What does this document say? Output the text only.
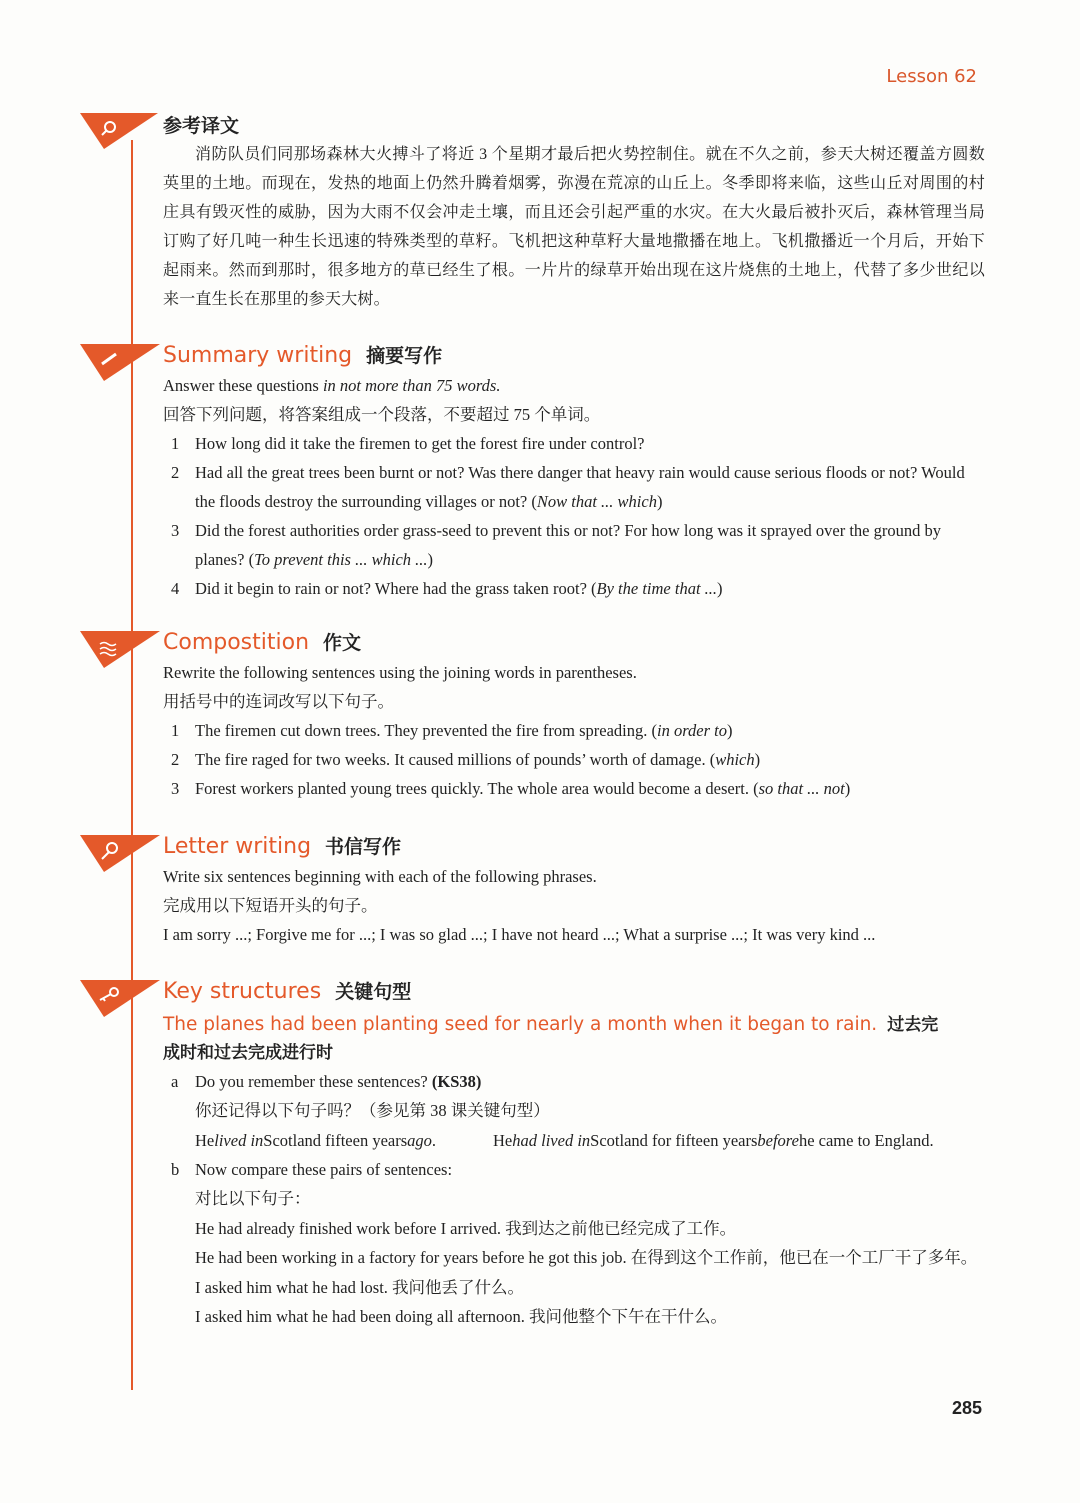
Lesson 62
参考译文

消防队员们同那场森林大火搏斗了将近 3 个星期才最后把火势控制住。就在不久之前，参天大树还覆盖方圆数英里的土地。而现在，发热的地面上仍然升腾着烟雾，弥漫在荒凉的山丘上。冬季即将来临，这些山丘对周围的村庄具有毁灭性的威胁，因为大雨不仅会冲走土壤，而且还会引起严重的水灾。在大火最后被扑灭后，森林管理当局订购了好几吨一种生长迅速的特殊类型的草籽。飞机把这种草籽大量地撒播在地上。飞机撒播近一个月后，开始下起雨来。然而到那时，很多地方的草已经生了根。一片片的绿草开始出现在这片烧焦的土地上，代替了多少世纪以来一直生长在那里的参天大树。

Summary writing 摘要写作

Answer these questions in not more than 75 words.

回答下列问题，将答案组成一个段落，不要超过 75 个单词。

1 How long did it take the firemen to get the forest fire under control?
2 Had all the great trees been burnt or not? Was there danger that heavy rain would cause serious floods or not? Would the floods destroy the surrounding villages or not? (Now that ... which)
3 Did the forest authorities order grass-seed to prevent this or not? For how long was it sprayed over the ground by planes? (To prevent this ... which ...)
4 Did it begin to rain or not? Where had the grass taken root? (By the time that ...)
Compostition 作文

Rewrite the following sentences using the joining words in parentheses.

用括号中的连词改写以下句子。

1 The firemen cut down trees. They prevented the fire from spreading. (in order to)
2 The fire raged for two weeks. It caused millions of pounds’ worth of damage. (which)
3 Forest workers planted young trees quickly. The whole area would become a desert. (so that ... not)
Letter writing 书信写作

Write six sentences beginning with each of the following phrases.

完成用以下短语开头的句子。

I am sorry ...; Forgive me for ...; I was so glad ...; I have not heard ...; What a surprise ...; It was very kind ...

Key structures 关键句型
The planes had been planting seed for nearly a month when it began to rain. 过去完
成时和过去完成进行时
a	Do you remember these sentences? (KS38)
你还记得以下句子吗？（参见第 38 课关键句型）
Helived inScotland fifteen yearsago.	Hehad lived inScotland for fifteen yearsbeforehe came to England.
b Now compare these pairs of sentences:
对比以下句子：
He had already finished work before I arrived. 我到达之前他已经完成了工作。
He had been working in a factory for years before he got this job. 在得到这个工作前，他已在一个工厂干了多年。
I asked him what he had lost. 我问他丢了什么。
I asked him what he had been doing all afternoon. 我问他整个下午在干什么。
285
